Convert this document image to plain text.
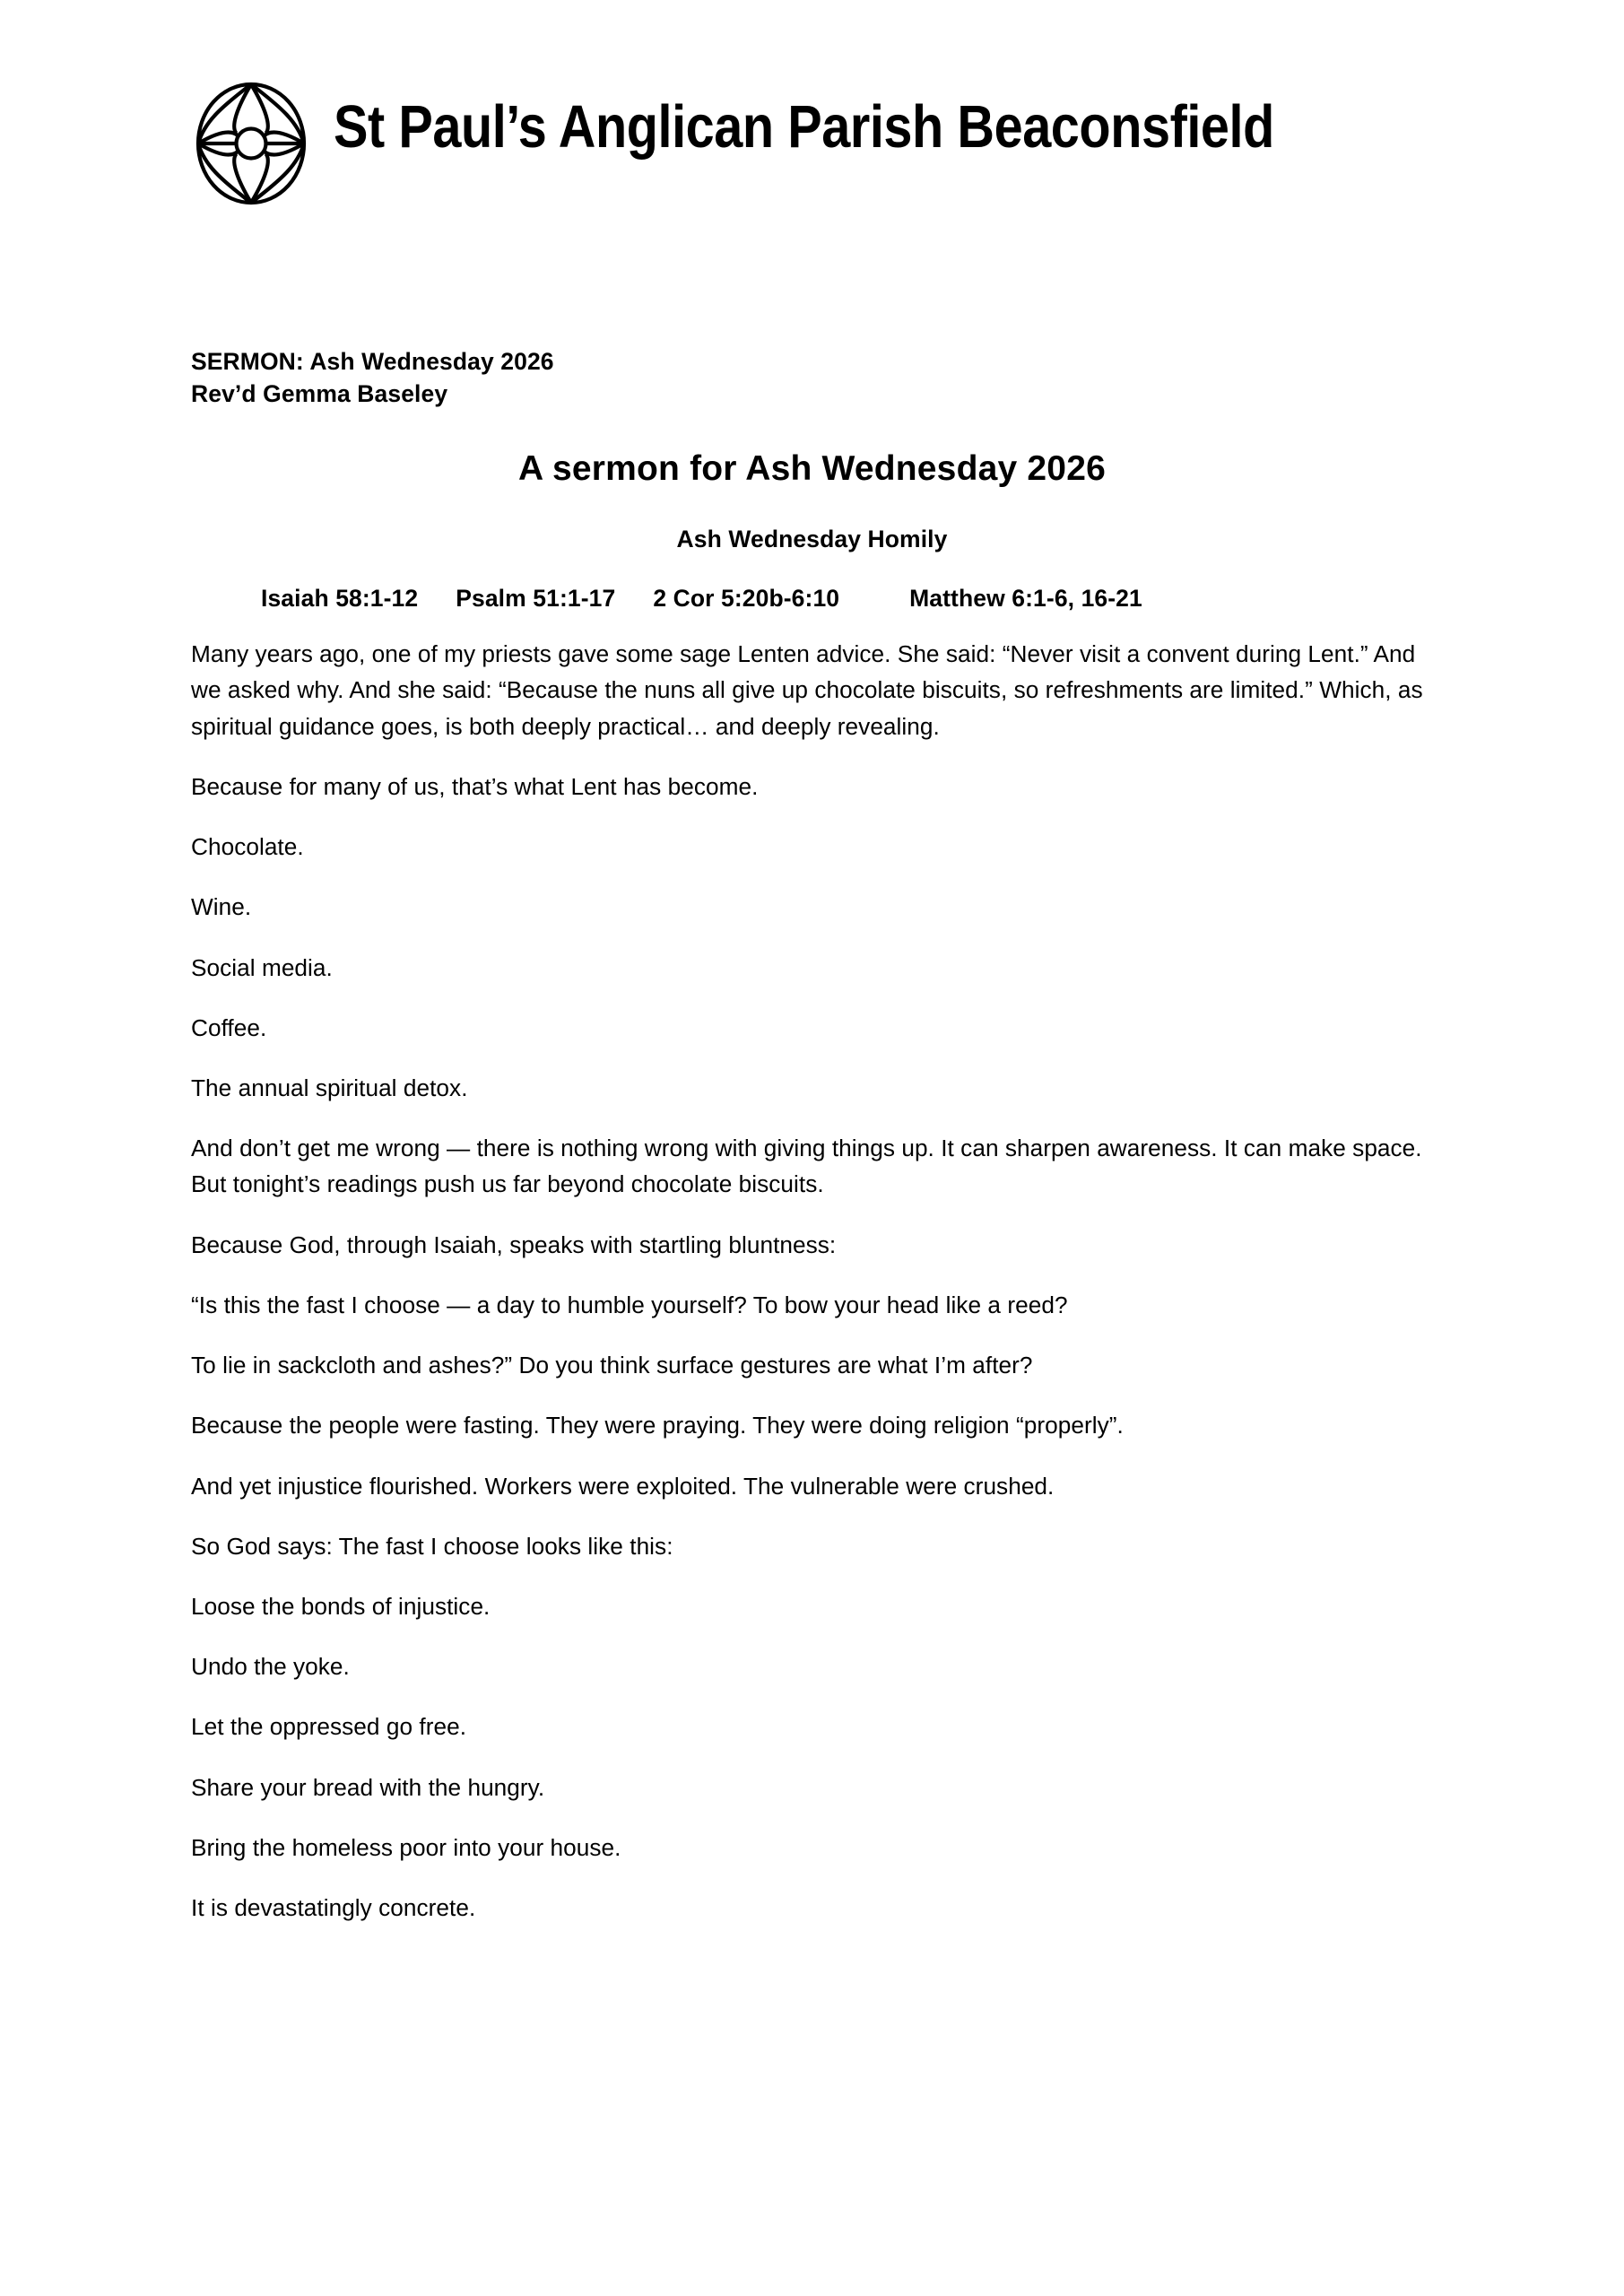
St Paul’s Anglican Parish Beaconsfield
SERMON: Ash Wednesday 2026
Rev’d Gemma Baseley
A sermon for Ash Wednesday 2026
Ash Wednesday Homily
Isaiah 58:1-12 Psalm 51:1-17 2 Cor 5:20b-6:10	Matthew 6:1-6, 16-21

Many years ago, one of my priests gave some sage Lenten advice. She said: “Never visit a convent during Lent.” And we asked why. And she said: “Because the nuns all give up chocolate biscuits, so refreshments are limited.” Which, as spiritual guidance goes, is both deeply practical… and deeply revealing.

Because for many of us, that’s what Lent has become.

Chocolate.

Wine.

Social media.

Coffee.

The annual spiritual detox.

And don’t get me wrong — there is nothing wrong with giving things up. It can sharpen awareness. It can make space. But tonight’s readings push us far beyond chocolate biscuits.

Because God, through Isaiah, speaks with startling bluntness:

“Is this the fast I choose — a day to humble yourself? To bow your head like a reed?

To lie in sackcloth and ashes?” Do you think surface gestures are what I’m after?

Because the people were fasting. They were praying. They were doing religion “properly”.

And yet injustice flourished. Workers were exploited. The vulnerable were crushed.

So God says: The fast I choose looks like this:

Loose the bonds of injustice.

Undo the yoke.

Let the oppressed go free.

Share your bread with the hungry.

Bring the homeless poor into your house.

It is devastatingly concrete.
